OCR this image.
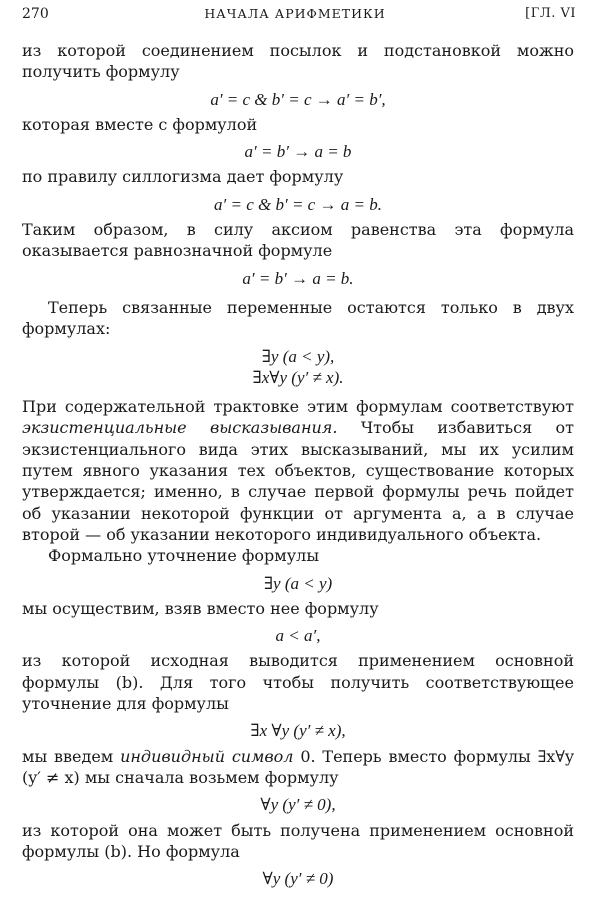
270	НАЧАЛА АРИФМЕТИКИ	[ГЛ. VI

из которой соединением посылок и подстановкой можно получить формулу

a′ = c & b′ = c → a′ = b′,

которая вместе с формулой

a′ = b′ → a = b

по правилу силлогизма дает формулу

a′ = c & b′ = c → a = b.

Таким образом, в силу аксиом равенства эта формула оказывается равнозначной формуле

a′ = b′ → a = b.

Теперь связанные переменные остаются только в двух формулах:

∃y (a < y),
∃x∀y (y′ ≠ x).

При содержательной трактовке этим формулам соответствуют экзистенциальные высказывания. Чтобы избавиться от экзистенциального вида этих высказываний, мы их усилим путем явного указания тех объектов, существование которых утверждается; именно, в случае первой формулы речь пойдет об указании некоторой функции от аргумента a, а в случае второй — об указании некоторого индивидуального объекта.

Формально уточнение формулы

∃y (a < y)

мы осуществим, взяв вместо нее формулу

a < a′,

из которой исходная выводится применением основной формулы (b). Для того чтобы получить соответствующее уточнение для формулы

∃x ∀y (y′ ≠ x),

мы введем индивидный символ 0. Теперь вместо формулы ∃x∀y (y′ ≠ x) мы сначала возьмем формулу

∀y (y′ ≠ 0),

из которой она может быть получена применением основной формулы (b). Но формула

∀y (y′ ≠ 0)
